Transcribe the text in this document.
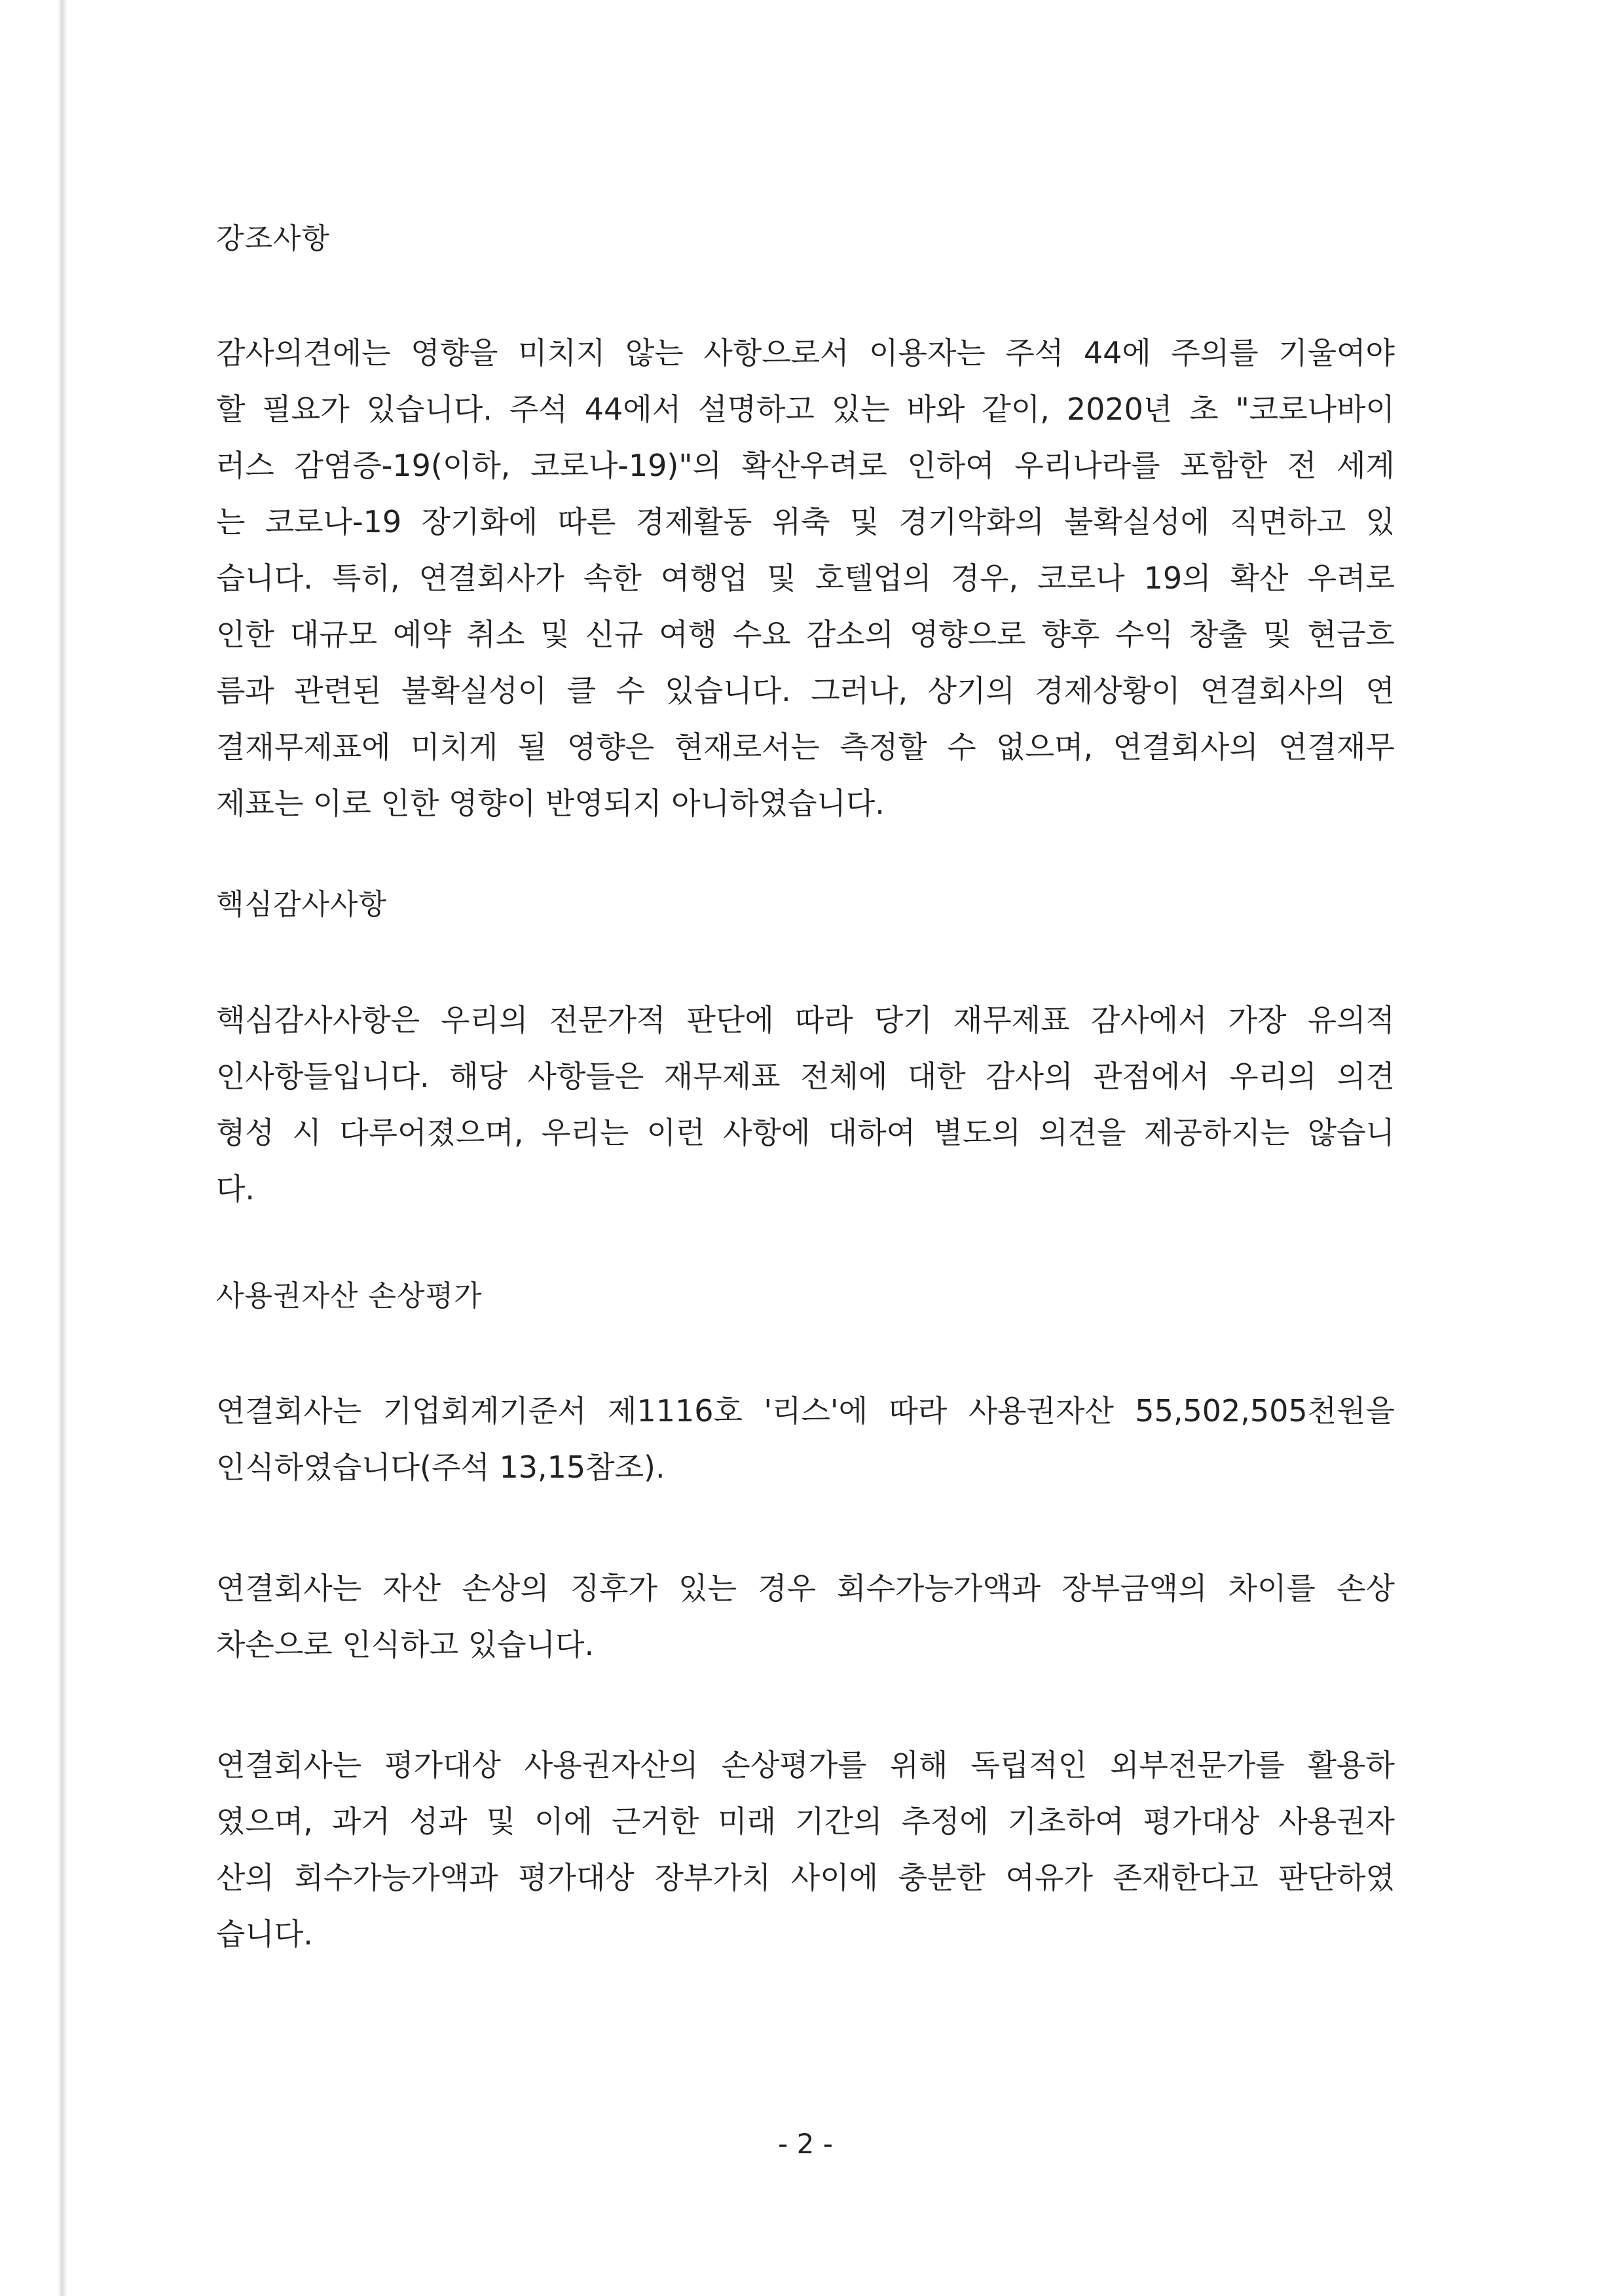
강조사항
감사의견에는 영향을 미치지 않는 사항으로서 이용자는 주석 44에 주의를 기울여야
할 필요가 있습니다. 주석 44에서 설명하고 있는 바와 같이, 2020년 초 "코로나바이
러스 감염증-19(이하, 코로나-19)"의 확산우려로 인하여 우리나라를 포함한 전 세계
는 코로나-19 장기화에 따른 경제활동 위축 및 경기악화의 불확실성에 직면하고 있
습니다. 특히, 연결회사가 속한 여행업 및 호텔업의 경우, 코로나 19의 확산 우려로
인한 대규모 예약 취소 및 신규 여행 수요 감소의 영향으로 향후 수익 창출 및 현금흐
름과 관련된 불확실성이 클 수 있습니다. 그러나, 상기의 경제상황이 연결회사의 연
결재무제표에 미치게 될 영향은 현재로서는 측정할 수 없으며, 연결회사의 연결재무
제표는 이로 인한 영향이 반영되지 아니하였습니다.
핵심감사사항
핵심감사사항은 우리의 전문가적 판단에 따라 당기 재무제표 감사에서 가장 유의적
인사항들입니다. 해당 사항들은 재무제표 전체에 대한 감사의 관점에서 우리의 의견
형성 시 다루어졌으며, 우리는 이런 사항에 대하여 별도의 의견을 제공하지는 않습니
다.
사용권자산 손상평가
연결회사는 기업회계기준서 제1116호 '리스'에 따라 사용권자산 55,502,505천원을
인식하였습니다(주석 13,15참조).
연결회사는 자산 손상의 징후가 있는 경우 회수가능가액과 장부금액의 차이를 손상
차손으로 인식하고 있습니다.
연결회사는 평가대상 사용권자산의 손상평가를 위해 독립적인 외부전문가를 활용하
였으며, 과거 성과 및 이에 근거한 미래 기간의 추정에 기초하여 평가대상 사용권자
산의 회수가능가액과 평가대상 장부가치 사이에 충분한 여유가 존재한다고 판단하였
습니다.
- 2 -
